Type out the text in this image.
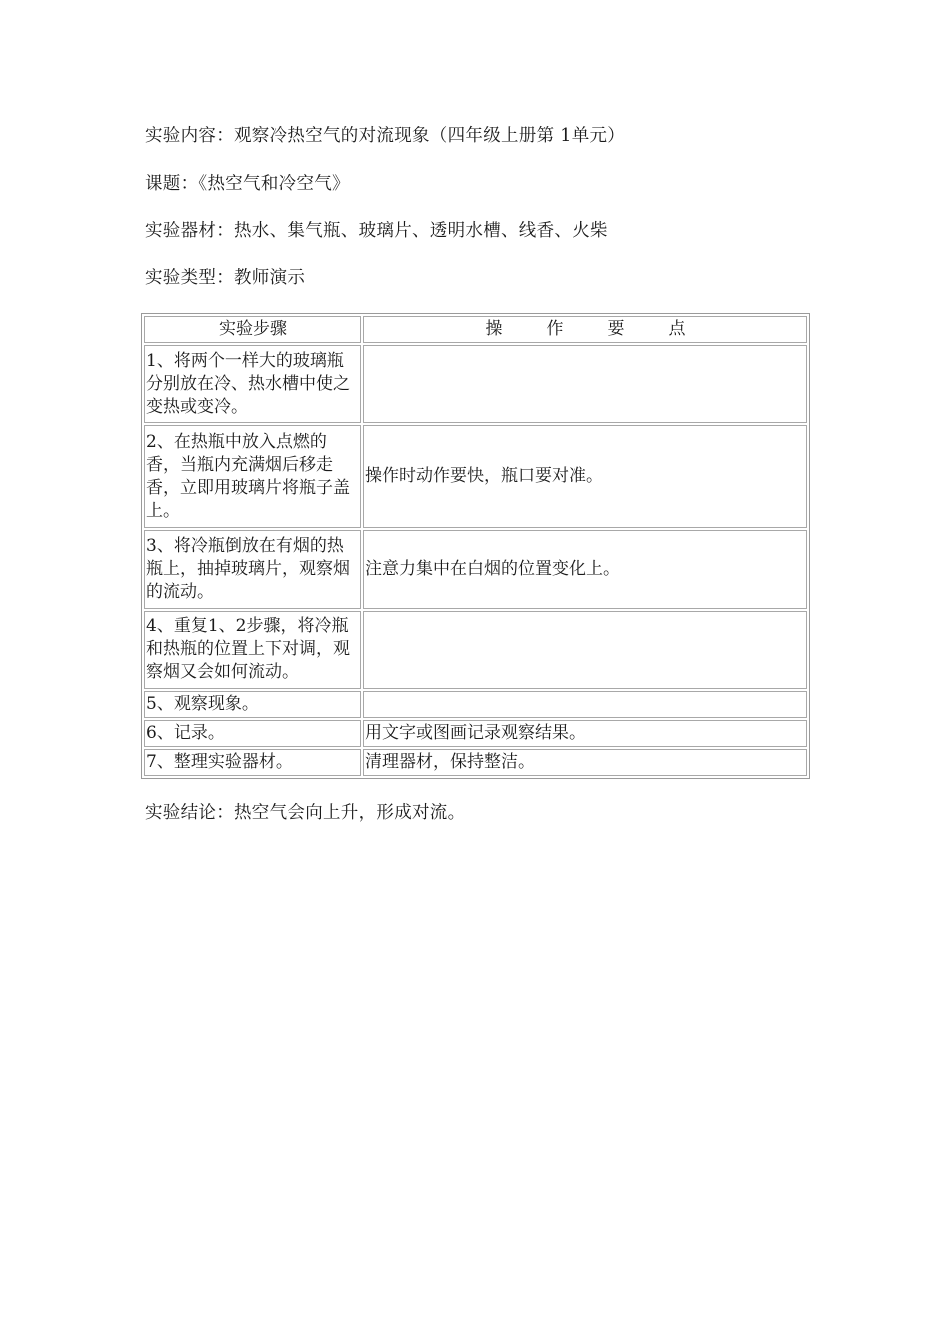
实验内容：观察冷热空气的对流现象（四年级上册第 1单元）
课题：《热空气和冷空气》
实验器材：热水、集气瓶、玻璃片、透明水槽、线香、火柴
实验类型：教师演示
实验步骤	操 作 要 点
1、将两个一样大的玻璃瓶分别放在冷、热水槽中使之变热或变冷。	
2、在热瓶中放入点燃的香，当瓶内充满烟后移走香，立即用玻璃片将瓶子盖上。	操作时动作要快，瓶口要对准。
3、将冷瓶倒放在有烟的热瓶上，抽掉玻璃片，观察烟的流动。	注意力集中在白烟的位置变化上。
4、重复1、2步骤，将冷瓶和热瓶的位置上下对调，观察烟又会如何流动。	
5、观察现象。	
6、记录。	用文字或图画记录观察结果。
7、整理实验器材。	清理器材，保持整洁。
实验结论：热空气会向上升，形成对流。
